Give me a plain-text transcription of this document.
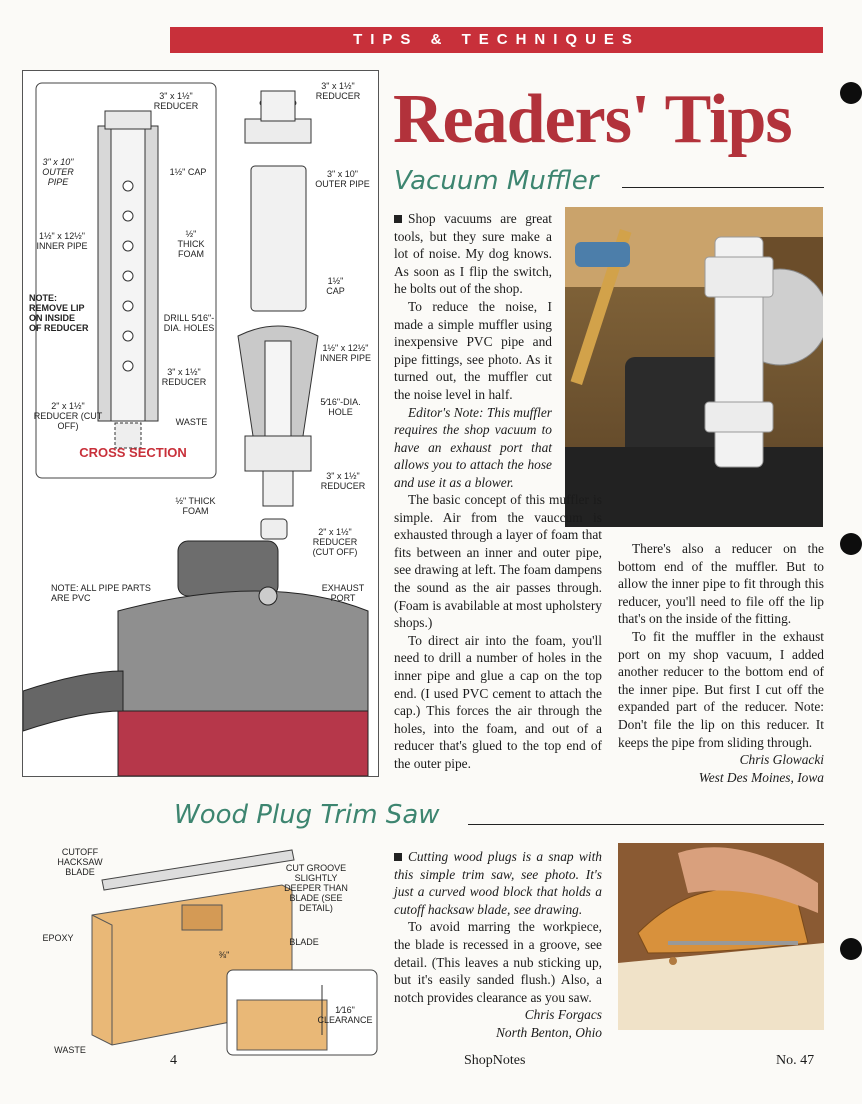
TIPS & TECHNIQUES
Readers' Tips
3" x 1½" REDUCER
3" x 10" OUTER PIPE
1½" CAP
1½" x 12½" INNER PIPE
½" THICK FOAM
NOTE: REMOVE LIP ON INSIDE OF REDUCER
DRILL 5⁄16"-DIA. HOLES
3" x 1½" REDUCER
2" x 1½" REDUCER (CUT OFF)	WASTE
CROSS SECTION
3" x 1½" REDUCER
3" x 10" OUTER PIPE
1½" CAP
1½" x 12½" INNER PIPE
5⁄16"-DIA. HOLE
3" x 1½" REDUCER
½" THICK FOAM
2" x 1½" REDUCER (CUT OFF)
EXHAUST PORT
NOTE: ALL PIPE PARTS ARE PVC
Vacuum Muffler

Shop vacuums are great tools, but they sure make a lot of noise. My dog knows. As soon as I flip the switch, he bolts out of the shop.

To reduce the noise, I made a simple muffler using inexpensive PVC pipe and pipe fittings, see photo. As it turned out, the muffler cut the noise level in half.

Editor's Note: This muffler requires the shop vacuum to have an exhaust port that allows you to attach the hose and use it as a blower.

The basic concept of this muffler is simple. Air from the vauccum is exhausted through a layer of foam that fits between an inner and outer pipe, see drawing at left. The foam dampens the sound as the air passes through. (Foam is avabilable at most upholstery shops.)

To direct air into the foam, you'll need to drill a number of holes in the inner pipe and glue a cap on the top end. (I used PVC cement to attach the cap.) This forces the air through the holes, into the foam, and out of a reducer that's glued to the top end of the outer pipe.

There's also a reducer on the bottom end of the muffler. But to allow the inner pipe to fit through this reducer, you'll need to file off the lip that's on the inside of the fitting.

To fit the muffler in the exhaust port on my shop vacuum, I added another reducer to the bottom end of the inner pipe. But first I cut off the expanded part of the reducer. Note: Don't file the lip on this reducer. It keeps the pipe from sliding through.

Chris Glowacki

West Des Moines, Iowa

Wood Plug Trim Saw
CUTOFF HACKSAW BLADE	CUT GROOVE SLIGHTLY DEEPER THAN BLADE (SEE DETAIL)
EPOXY
⅜"
BLADE
1⁄16" CLEARANCE
WASTE

Cutting wood plugs is a snap with this simple trim saw, see photo. It's just a curved wood block that holds a cutoff hacksaw blade, see drawing.

To avoid marring the workpiece, the blade is recessed in a groove, see detail. (This leaves a nub sticking up, but it's easily sanded flush.) Also, a notch provides clearance as you saw.

Chris Forgacs

North Benton, Ohio

4	ShopNotes	No. 47
